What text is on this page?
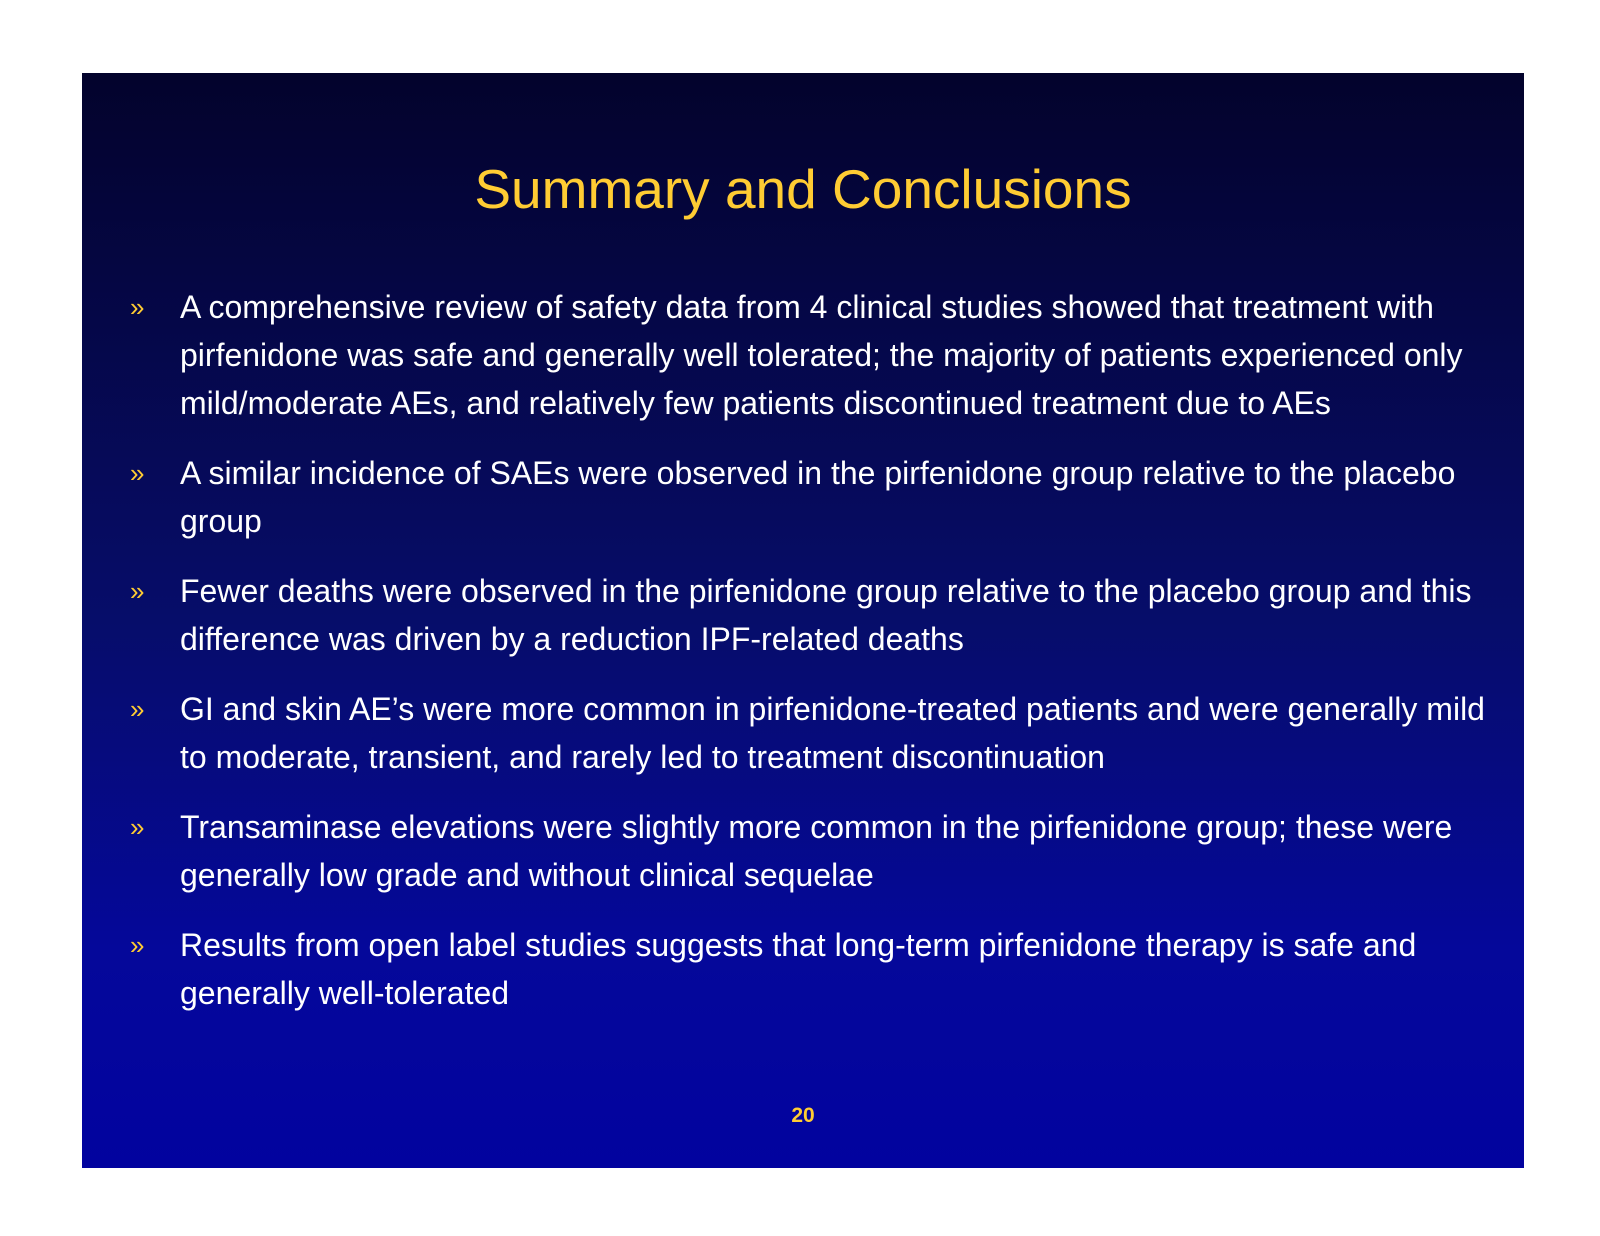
Summary and Conclusions
» A comprehensive review of safety data from 4 clinical studies showed that treatment with pirfenidone was safe and generally well tolerated; the majority of patients experienced only mild/moderate AEs, and relatively few patients discontinued treatment due to AEs
» A similar incidence of SAEs were observed in the pirfenidone group relative to the placebo group
» Fewer deaths were observed in the pirfenidone group relative to the placebo group and this difference was driven by a reduction IPF-related deaths
» GI and skin AE’s were more common in pirfenidone-treated patients and were generally mild to moderate, transient, and rarely led to treatment discontinuation
» Transaminase elevations were slightly more common in the pirfenidone group; these were generally low grade and without clinical sequelae
» Results from open label studies suggests that long-term pirfenidone therapy is safe and generally well-tolerated
20
